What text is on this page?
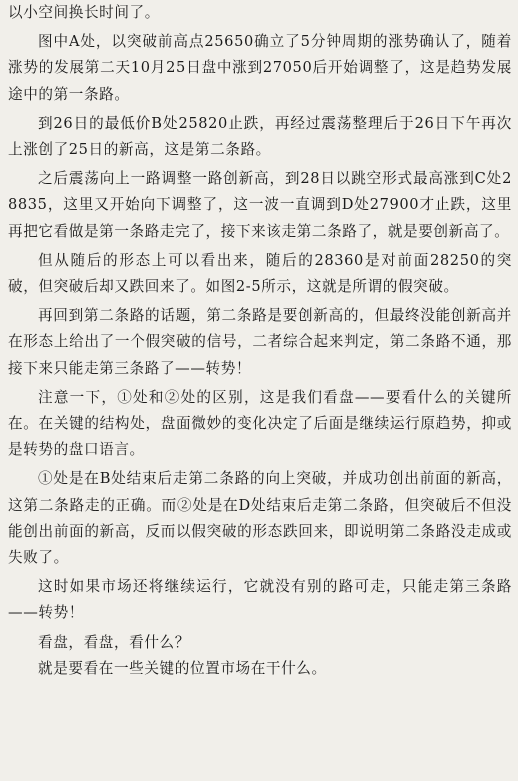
以小空间换长时间了。

图中A处，以突破前高点25650确立了5分钟周期的涨势确认了，随着涨势的发展第二天10月25日盘中涨到27050后开始调整了，这是趋势发展途中的第一条路。

到26日的最低价B处25820止跌，再经过震荡整理后于26日下午再次上涨创了25日的新高，这是第二条路。

之后震荡向上一路调整一路创新高，到28日以跳空形式最高涨到C处28835，这里又开始向下调整了，这一波一直调到D处27900才止跌，这里再把它看做是第一条路走完了，接下来该走第二条路了，就是要创新高了。

但从随后的形态上可以看出来，随后的28360是对前面28250的突破，但突破后却又跌回来了。如图2-5所示，这就是所谓的假突破。

再回到第二条路的话题，第二条路是要创新高的，但最终没能创新高并在形态上给出了一个假突破的信号，二者综合起来判定，第二条路不通，那接下来只能走第三条路了——转势！

注意一下，①处和②处的区别，这是我们看盘——要看什么的关键所在。在关键的结构处，盘面微妙的变化决定了后面是继续运行原趋势，抑或是转势的盘口语言。

①处是在B处结束后走第二条路的向上突破，并成功创出前面的新高，这第二条路走的正确。而②处是在D处结束后走第二条路，但突破后不但没能创出前面的新高，反而以假突破的形态跌回来，即说明第二条路没走成或失败了。

这时如果市场还将继续运行，它就没有别的路可走，只能走第三条路——转势！

看盘，看盘，看什么？

就是要看在一些关键的位置市场在干什么。
